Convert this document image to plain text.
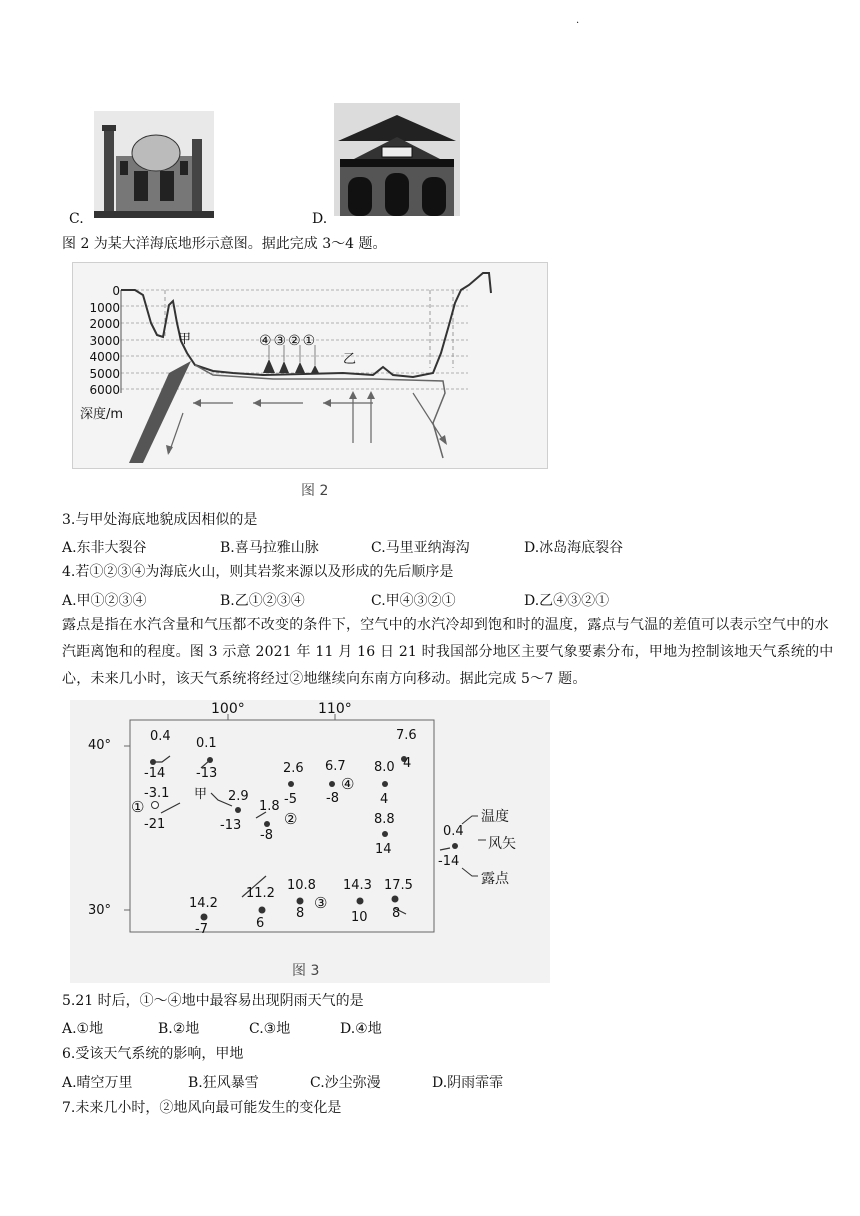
.
C.	D.
图 2 为某大洋海底地形示意图。据此完成 3～4 题。
0
1000
2000
3000
4000
5000
6000
深度/m
甲
乙
④③②①
图 2
3.与甲处海底地貌成因相似的是
A.东非大裂谷	B.喜马拉雅山脉	C.马里亚纳海沟	D.冰岛海底裂谷
4.若①②③④为海底火山，则其岩浆来源以及形成的先后顺序是
A.甲①②③④	B.乙①②③④	C.甲④③②①	D.乙④③②①
露点是指在水汽含量和气压都不改变的条件下，空气中的水汽冷却到饱和时的温度，露点与气温的差值可以表示空气中的水汽距离饱和的程度。图 3 示意 2021 年 11 月 16 日 21 时我国部分地区主要气象要素分布，甲地为控制该地天气系统的中心，未来几小时，该天气系统将经过②地继续向东南方向移动。据此完成 5～7 题。
100°	110°
40°
30°
0.4
-14
0.1
-13
-3.1
-21
2.9
-13
1.8
-8
2.6
-5
6.7
-8
7.6
4
8.0
4
8.8
14
14.2
-7
11.2
6
10.8
8
14.3
10
17.5
8
①
②
③
④
甲
0.4
-14
温度
风矢
露点
图 3
5.21 时后，①～④地中最容易出现阴雨天气的是
A.①地	B.②地	C.③地	D.④地
6.受该天气系统的影响，甲地
A.晴空万里	B.狂风暴雪	C.沙尘弥漫	D.阴雨霏霏
7.未来几小时，②地风向最可能发生的变化是
